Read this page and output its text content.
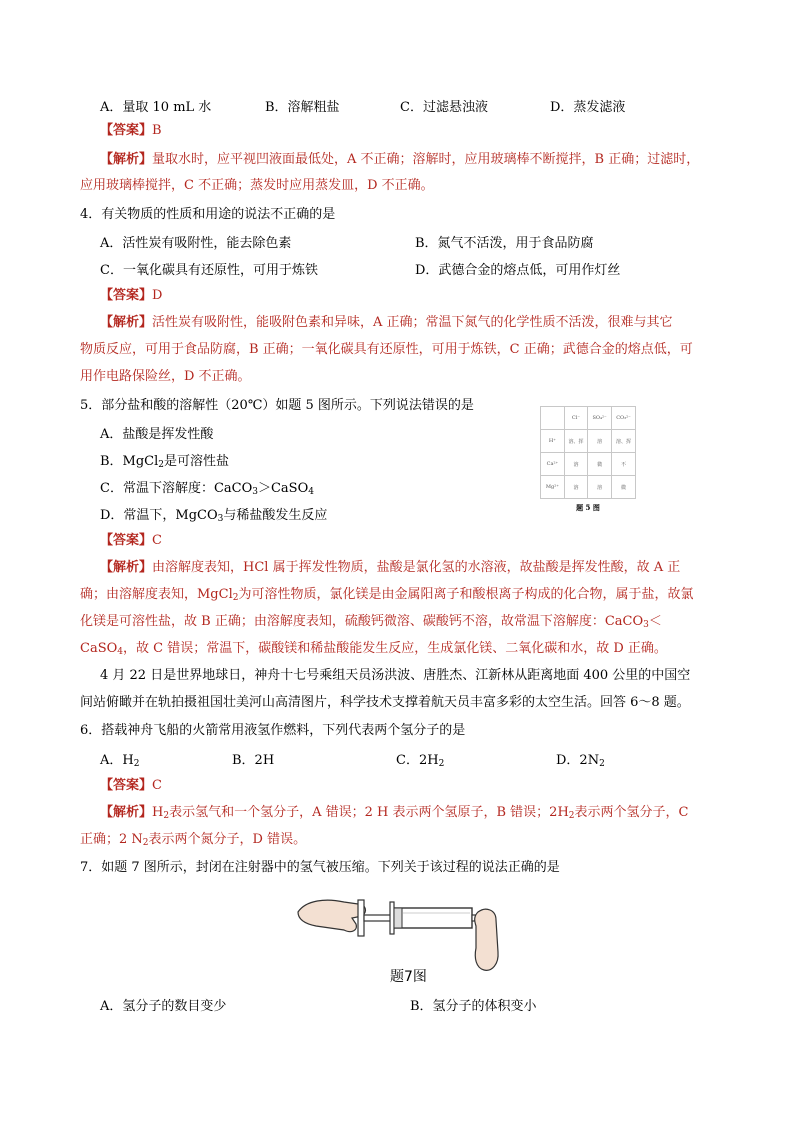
A．量取 10 mL 水	B．溶解粗盐	C．过滤悬浊液	D．蒸发滤液
【答案】B
【解析】量取水时，应平视凹液面最低处，A 不正确；溶解时，应用玻璃棒不断搅拌，B 正确；过滤时，
应用玻璃棒搅拌，C 不正确；蒸发时应用蒸发皿，D 不正确。
4．有关物质的性质和用途的说法不正确的是
A．活性炭有吸附性，能去除色素	B．氮气不活泼，用于食品防腐
C．一氧化碳具有还原性，可用于炼铁	D．武德合金的熔点低，可用作灯丝
【答案】D
【解析】活性炭有吸附性，能吸附色素和异味，A 正确；常温下氮气的化学性质不活泼，很难与其它
物质反应，可用于食品防腐，B 正确；一氧化碳具有还原性，可用于炼铁，C 正确；武德合金的熔点低，可
用作电路保险丝，D 不正确。
5．部分盐和酸的溶解性（20℃）如题 5 图所示。下列说法错误的是
A．盐酸是挥发性酸
B．MgCl$_2$是可溶性盐
C．常温下溶解度：CaCO$_3$＞CaSO$_4$
D．常温下，MgCO$_3$与稀盐酸发生反应
	Cl⁻	SO₄²⁻	CO₃²⁻
H⁺	溶、挥	溶	溶、挥
Ca²⁺	溶	微	不
Mg²⁺	溶	溶	微
题 5 图
【答案】C
【解析】由溶解度表知，HCl 属于挥发性物质，盐酸是氯化氢的水溶液，故盐酸是挥发性酸，故 A 正
确；由溶解度表知，MgCl$_2$为可溶性物质，氯化镁是由金属阳离子和酸根离子构成的化合物，属于盐，故氯
化镁是可溶性盐，故 B 正确；由溶解度表知，硫酸钙微溶、碳酸钙不溶，故常温下溶解度：CaCO$_3$＜
CaSO$_4$，故 C 错误；常温下，碳酸镁和稀盐酸能发生反应，生成氯化镁、二氧化碳和水，故 D 正确。
4 月 22 日是世界地球日，神舟十七号乘组天员汤洪波、唐胜杰、江新林从距离地面 400 公里的中国空
间站俯瞰并在轨拍摄祖国壮美河山高清图片，科学技术支撑着航天员丰富多彩的太空生活。回答 6～8 题。
6．搭载神舟飞船的火箭常用液氢作燃料，下列代表两个氢分子的是
A．$H_2$	B．2H	C．$2H_2$	D．$2N_2$
【答案】C
【解析】$H_2$表示氢气和一个氢分子，A 错误；2 H 表示两个氢原子，B 错误；$2H_2$表示两个氢分子，C
正确；2 $N_2$表示两个氮分子，D 错误。
7．如题 7 图所示，封闭在注射器中的氢气被压缩。下列关于该过程的说法正确的是
题7图
A．氢分子的数目变少	B．氢分子的体积变小
